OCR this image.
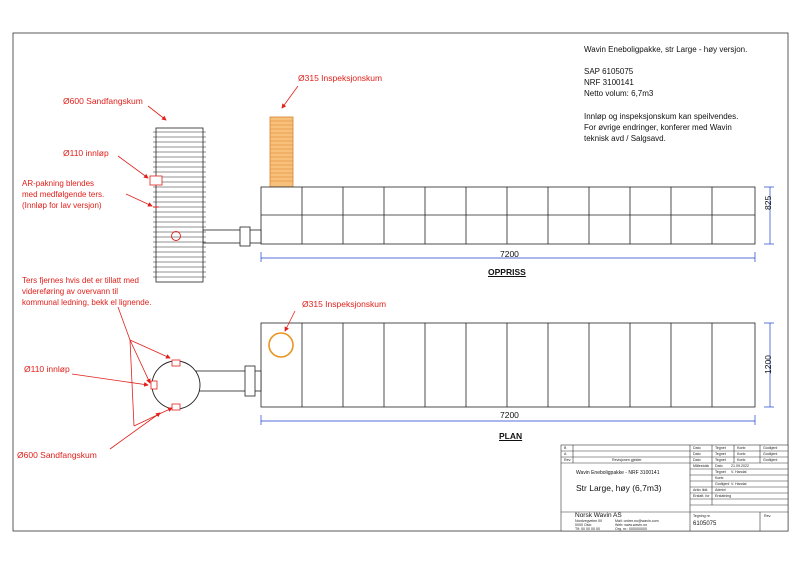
Wavin Eneboligpakke, str Large - høy versjon.
SAP 6105075
NRF 3100141
Netto volum: 6,7m3
Innløp og inspeksjonskum kan speilvendes.
For øvrige endringer, konferer med Wavin
teknisk avd / Salgsavd.
Ø315 Inspeksjonskum
Ø600 Sandfangskum
Ø110 innløp
AR-pakning blendes
med medfølgende ters.
(Innløp for lav versjon)
7200
825
OPPRISS
Ters fjernes hvis det er tillatt med
videreføring av overvann til
kommunal ledning, bekk el lignende.	Ø315 Inspeksjonskum
Ø110 innløp
Ø600 Sandfangskum
7200
1200
PLAN
B
A
Rev.	Revisjonen gjelder
Dato
Dato
Dato
Tegnet
Tegnet
Tegnet
Kontr.
Kontr.
Kontr.
Godkjent
Godkjent
Godkjent
Wavin Eneboligpakke - NRF 3100141
Str Large, høy (6,7m3)
Målestokk Dato 21.09.2022
Tegnet V. Handal
Kontr.
Godkjent V. Handal
Arkiv ikkt. Admin/
Erstatt. for Erstatning
Norsk Wavin AS
Nordvegveien 00
0000 Oslo
Tlf: 00 00 00 00
Mail: ordrer.no@wavin.com
Web: www.wavin.no
Org. nr.: 000000000
Tegning nr.
6105075
Rev.
